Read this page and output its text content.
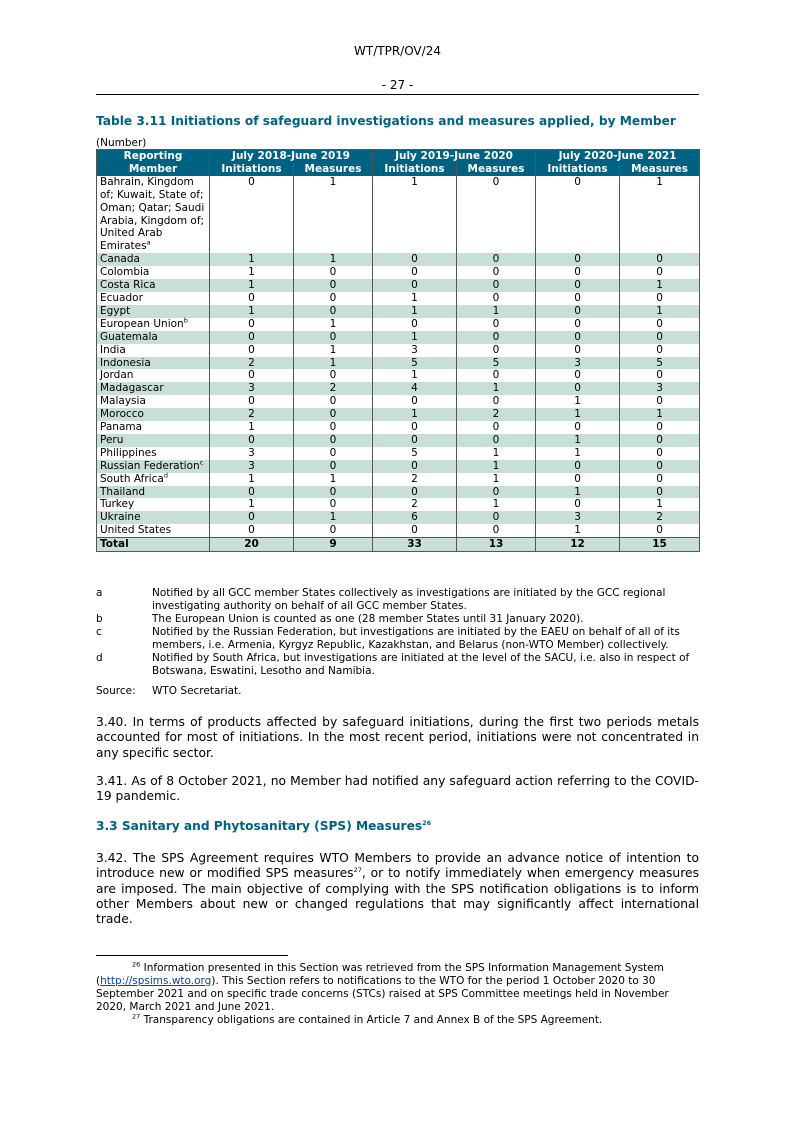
WT/TPR/OV/24
- 27 -
Table 3.11 Initiations of safeguard investigations and measures applied, by Member
(Number)
Reporting	July 2018-June 2019		July 2019-June 2020		July 2020-June 2021	
Member	Initiations	Measures	Initiations	Measures	Initiations	Measures
Bahrain, Kingdom of; Kuwait, State of; Oman; Qatar; Saudi Arabia, Kingdom of; United Arab Emirates$^a$	0	1	1	0	0	1
Canada	1	1	0	0	0	0
Colombia	1	0	0	0	0	0
Costa Rica	1	0	0	0	0	1
Ecuador	0	0	1	0	0	0
Egypt	1	0	1	1	0	1
European Union$^b$	0	1	0	0	0	0
Guatemala	0	0	1	0	0	0
India	0	1	3	0	0	0
Indonesia	2	1	5	5	3	5
Jordan	0	0	1	0	0	0
Madagascar	3	2	4	1	0	3
Malaysia	0	0	0	0	1	0
Morocco	2	0	1	2	1	1
Panama	1	0	0	0	0	0
Peru	0	0	0	0	1	0
Philippines	3	0	5	1	1	0
Russian Federation$^c$	3	0	0	1	0	0
South Africa$^d$	1	1	2	1	0	0
Thailand	0	0	0	0	1	0
Turkey	1	0	2	1	0	1
Ukraine	0	1	6	0	3	2
United States	0	0	0	0	1	0
Total	20	9	33	13	12	15
a	Notified by all GCC member States collectively as investigations are initiated by the GCC regional investigating authority on behalf of all GCC member States.
b	The European Union is counted as one (28 member States until 31 January 2020).
c	Notified by the Russian Federation, but investigations are initiated by the EAEU on behalf of all of its members, i.e. Armenia, Kyrgyz Republic, Kazakhstan, and Belarus (non-WTO Member) collectively.
d	Notified by South Africa, but investigations are initiated at the level of the SACU, i.e. also in respect of Botswana, Eswatini, Lesotho and Namibia.
Source:	WTO Secretariat.
3.40. In terms of products affected by safeguard initiations, during the first two periods metals accounted for most of initiations. In the most recent period, initiations were not concentrated in any specific sector.
3.41. As of 8 October 2021, no Member had notified any safeguard action referring to the COVID-19 pandemic.
3.3 Sanitary and Phytosanitary (SPS) Measures$^{26}$
3.42. The SPS Agreement requires WTO Members to provide an advance notice of intention to introduce new or modified SPS measures$^{27}$, or to notify immediately when emergency measures are imposed. The main objective of complying with the SPS notification obligations is to inform other Members about new or changed regulations that may significantly affect international trade.
$^{26}$ Information presented in this Section was retrieved from the SPS Information Management System (http://spsims.wto.org). This Section refers to notifications to the WTO for the period 1 October 2020 to 30 September 2021 and on specific trade concerns (STCs) raised at SPS Committee meetings held in November 2020, March 2021 and June 2021.
$^{27}$ Transparency obligations are contained in Article 7 and Annex B of the SPS Agreement.
